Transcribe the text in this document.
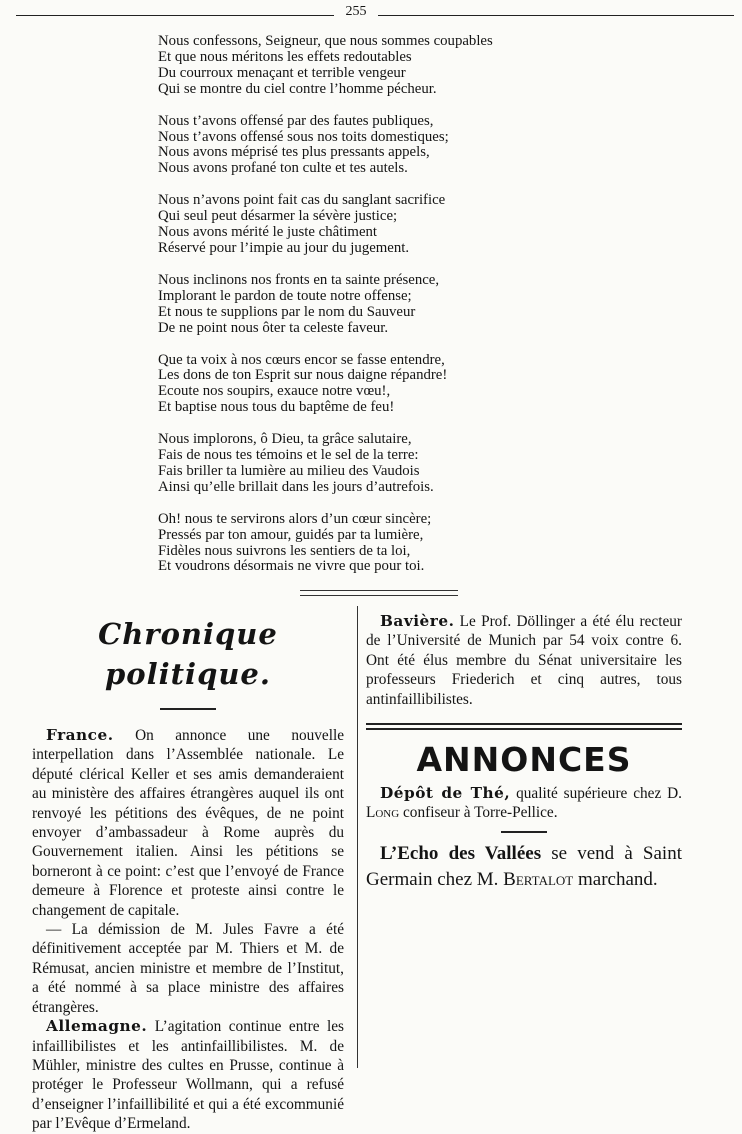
255
Nous confessons, Seigneur, que nous sommes coupables
Et que nous méritons les effets redoutables
Du courroux menaçant et terrible vengeur
Qui se montre du ciel contre l’homme pécheur.
Nous t’avons offensé par des fautes publiques,
Nous t’avons offensé sous nos toits domestiques;
Nous avons méprisé tes plus pressants appels,
Nous avons profané ton culte et tes autels.
Nous n’avons point fait cas du sanglant sacrifice
Qui seul peut désarmer la sévère justice;
Nous avons mérité le juste châtiment
Réservé pour l’impie au jour du jugement.
Nous inclinons nos fronts en ta sainte présence,
Implorant le pardon de toute notre offense;
Et nous te supplions par le nom du Sauveur
De ne point nous ôter ta celeste faveur.
Que ta voix à nos cœurs encor se fasse entendre,
Les dons de ton Esprit sur nous daigne répandre!
Ecoute nos soupirs, exauce notre vœu!,
Et baptise nous tous du baptême de feu!
Nous implorons, ô Dieu, ta grâce salutaire,
Fais de nous tes témoins et le sel de la terre:
Fais briller ta lumière au milieu des Vaudois
Ainsi qu’elle brillait dans les jours d’autrefois.
Oh! nous te servirons alors d’un cœur sincère;
Pressés par ton amour, guidés par ta lumière,
Fidèles nous suivrons les sentiers de ta loi,
Et voudrons désormais ne vivre que pour toi.
Chronique politique.

France. On annonce une nouvelle interpellation dans l’Assemblée nationale. Le député clérical Keller et ses amis demanderaient au ministère des affaires étrangères auquel ils ont renvoyé les pétitions des évêques, de ne point envoyer d’ambassadeur à Rome auprès du Gouvernement italien. Ainsi les pétitions se borneront à ce point: c’est que l’envoyé de France demeure à Florence et proteste ainsi contre le changement de capitale.

— La démission de M. Jules Favre a été définitivement acceptée par M. Thiers et M. de Rémusat, ancien ministre et membre de l’Institut, a été nommé à sa place ministre des affaires étrangères.

Allemagne. L’agitation continue entre les infaillibilistes et les antinfaillibilistes. M. de Mühler, ministre des cultes en Prusse, continue à protéger le Professeur Wollmann, qui a refusé d’enseigner l’infaillibilité et qui a été excommunié par l’Evêque d’Ermeland.

Bavière. Le Prof. Döllinger a été élu recteur de l’Université de Munich par 54 voix contre 6. Ont été élus membre du Sénat universitaire les professeurs Friederich et cinq autres, tous antinfaillibilistes.

ANNONCES

Dépôt de Thé, qualité supérieure chez D. Long confiseur à Torre-Pellice.

L’Echo des Vallées se vend à Saint Germain chez M. Bertalot marchand.
